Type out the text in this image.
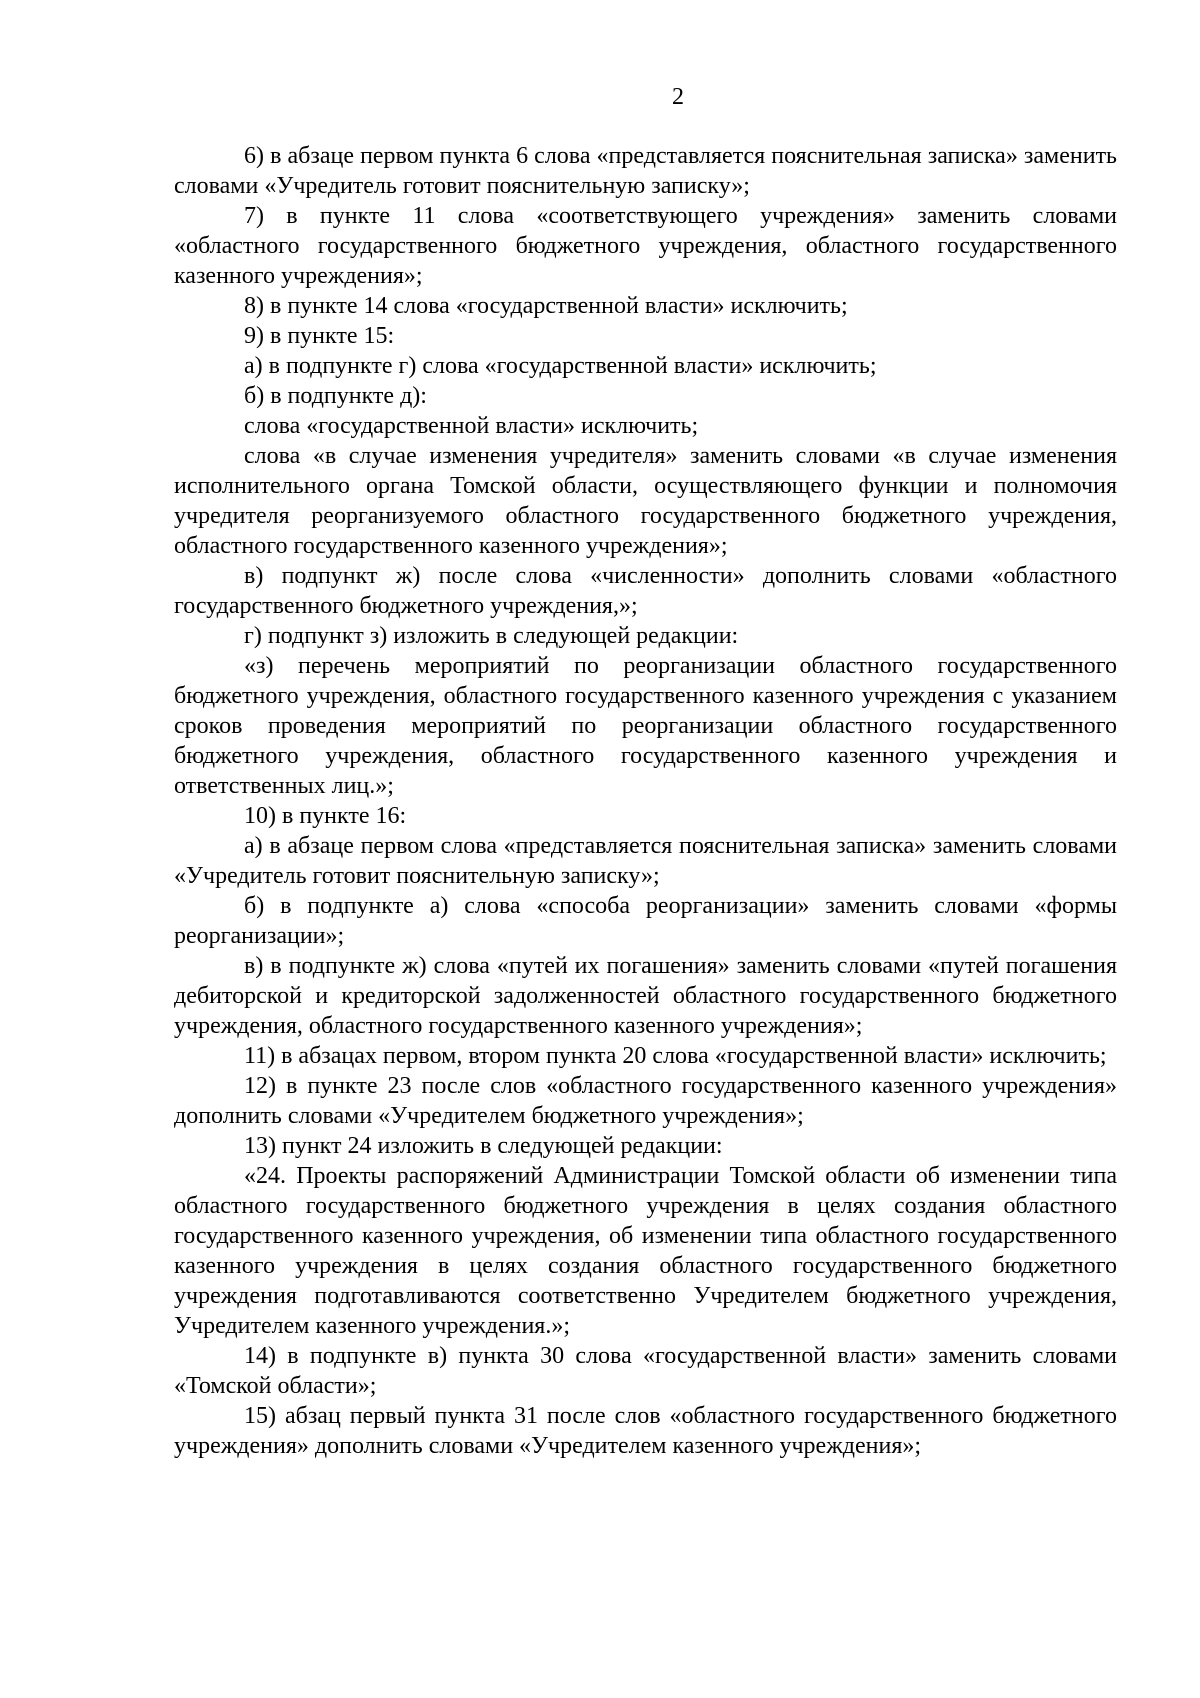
2

6) в абзаце первом пункта 6 слова «представляется пояснительная записка» заменить словами «Учредитель готовит пояснительную записку»;

7) в пункте 11 слова «соответствующего учреждения» заменить словами «областного государственного бюджетного учреждения, областного государственного казенного учреждения»;

8) в пункте 14 слова «государственной власти» исключить;

9) в пункте 15:

а) в подпункте г) слова «государственной власти» исключить;

б) в подпункте д):

слова «государственной власти» исключить;

слова «в случае изменения учредителя» заменить словами «в случае изменения исполнительного органа Томской области, осуществляющего функции и полномочия учредителя реорганизуемого областного государственного бюджетного учреждения, областного государственного казенного учреждения»;

в) подпункт ж) после слова «численности» дополнить словами «областного государственного бюджетного учреждения,»;

г) подпункт з) изложить в следующей редакции:

«з) перечень мероприятий по реорганизации областного государственного бюджетного учреждения, областного государственного казенного учреждения с указанием сроков проведения мероприятий по реорганизации областного государственного бюджетного учреждения, областного государственного казенного учреждения и ответственных лиц.»;

10) в пункте 16:

а) в абзаце первом слова «представляется пояснительная записка» заменить словами «Учредитель готовит пояснительную записку»;

б) в подпункте а) слова «способа реорганизации» заменить словами «формы реорганизации»;

в) в подпункте ж) слова «путей их погашения» заменить словами «путей погашения дебиторской и кредиторской задолженностей областного государственного бюджетного учреждения, областного государственного казенного учреждения»;

11) в абзацах первом, втором пункта 20 слова «государственной власти» исключить;

12) в пункте 23 после слов «областного государственного казенного учреждения» дополнить словами «Учредителем бюджетного учреждения»;

13) пункт 24 изложить в следующей редакции:

«24. Проекты распоряжений Администрации Томской области об изменении типа областного государственного бюджетного учреждения в целях создания областного государственного казенного учреждения, об изменении типа областного государственного казенного учреждения в целях создания областного государственного бюджетного учреждения подготавливаются соответственно Учредителем бюджетного учреждения, Учредителем казенного учреждения.»;

14) в подпункте в) пункта 30 слова «государственной власти» заменить словами «Томской области»;

15) абзац первый пункта 31 после слов «областного государственного бюджетного учреждения» дополнить словами «Учредителем казенного учреждения»;
